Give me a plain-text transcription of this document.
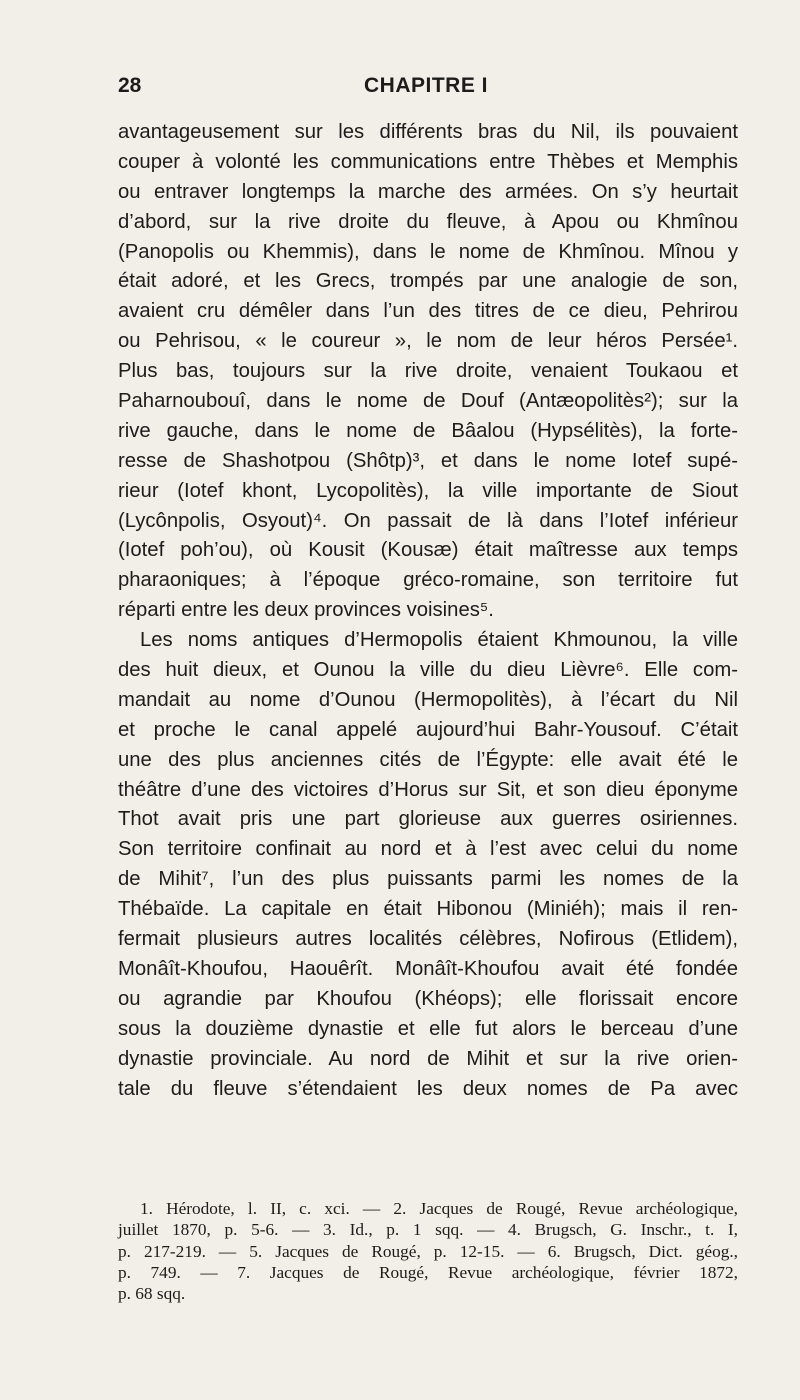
28	CHAPITRE I
avantageusement sur les différents bras du Nil, ils pouvaient
couper à volonté les communications entre Thèbes et Memphis
ou entraver longtemps la marche des armées. On s’y heurtait
d’abord, sur la rive droite du fleuve, à Apou ou Khmînou
(Panopolis ou Khemmis), dans le nome de Khmînou. Mînou y
était adoré, et les Grecs, trompés par une analogie de son,
avaient cru démêler dans l’un des titres de ce dieu, Pehrirou
ou Pehrisou, « le coureur », le nom de leur héros Persée¹.
Plus bas, toujours sur la rive droite, venaient Toukaou et
Paharnoubouî, dans le nome de Douf (Antæopolitès²); sur la
rive gauche, dans le nome de Bâalou (Hypsélitès), la forte-
resse de Shashotpou (Shôtp)³, et dans le nome Iotef supé-
rieur (Iotef khont, Lycopolitès), la ville importante de Siout
(Lycônpolis, Osyout)⁴. On passait de là dans l’Iotef inférieur
(Iotef poh’ou), où Kousit (Kousæ) était maîtresse aux temps
pharaoniques; à l’époque gréco-romaine, son territoire fut
réparti entre les deux provinces voisines⁵.
Les noms antiques d’Hermopolis étaient Khmounou, la ville
des huit dieux, et Ounou la ville du dieu Lièvre⁶. Elle com-
mandait au nome d’Ounou (Hermopolitès), à l’écart du Nil
et proche le canal appelé aujourd’hui Bahr-Yousouf. C’était
une des plus anciennes cités de l’Égypte: elle avait été le
théâtre d’une des victoires d’Horus sur Sit, et son dieu éponyme
Thot avait pris une part glorieuse aux guerres osiriennes.
Son territoire confinait au nord et à l’est avec celui du nome
de Mihit⁷, l’un des plus puissants parmi les nomes de la
Thébaïde. La capitale en était Hibonou (Miniéh); mais il ren-
fermait plusieurs autres localités célèbres, Nofirous (Etlidem),
Monâît-Khoufou, Haouêrît. Monâît-Khoufou avait été fondée
ou agrandie par Khoufou (Khéops); elle florissait encore
sous la douzième dynastie et elle fut alors le berceau d’une
dynastie provinciale. Au nord de Mihit et sur la rive orien-
tale du fleuve s’étendaient les deux nomes de Pa avec
1. Hérodote, l. II, c. xci. — 2. Jacques de Rougé, Revue archéologique,
juillet 1870, p. 5-6. — 3. Id., p. 1 sqq. — 4. Brugsch, G. Inschr., t. I,
p. 217-219. — 5. Jacques de Rougé, p. 12-15. — 6. Brugsch, Dict. géog.,
p. 749. — 7. Jacques de Rougé, Revue archéologique, février 1872,
p. 68 sqq.
